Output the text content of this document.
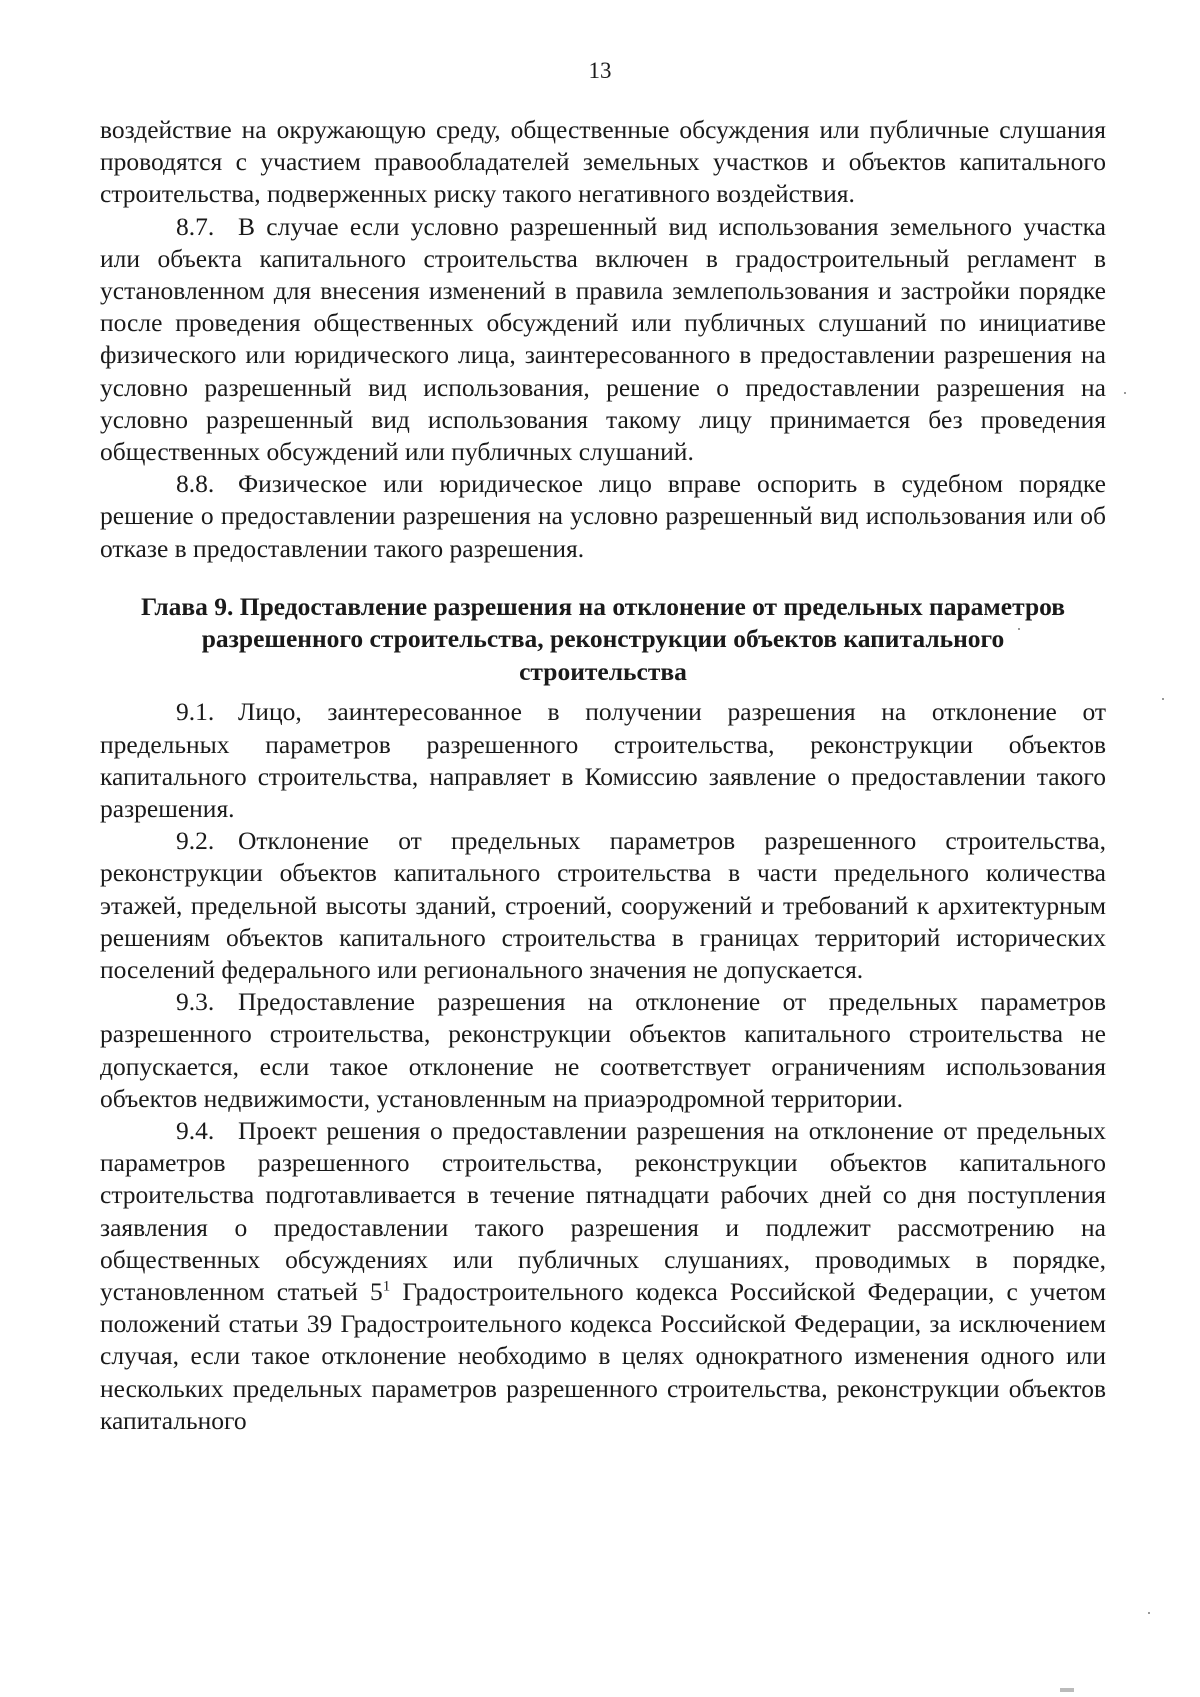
13

воздействие на окружающую среду, общественные обсуждения или публичные слушания проводятся с участием правообладателей земельных участков и объектов капитального строительства, подверженных риску такого негативного воздействия.

8.7. В случае если условно разрешенный вид использования земельного участка или объекта капитального строительства включен в градостроительный регламент в установленном для внесения изменений в правила землепользования и застройки порядке после проведения общественных обсуждений или публичных слушаний по инициативе физического или юридического лица, заинтересованного в предоставлении разрешения на условно разрешенный вид использования, решение о предоставлении разрешения на условно разрешенный вид использования такому лицу принимается без проведения общественных обсуждений или публичных слушаний.

8.8. Физическое или юридическое лицо вправе оспорить в судебном порядке решение о предоставлении разрешения на условно разрешенный вид использования или об отказе в предоставлении такого разрешения.

Глава 9. Предоставление разрешения на отклонение от предельных параметров разрешенного строительства, реконструкции объектов капитального строительства

9.1. Лицо, заинтересованное в получении разрешения на отклонение от предельных параметров разрешенного строительства, реконструкции объектов капитального строительства, направляет в Комиссию заявление о предоставлении такого разрешения.

9.2. Отклонение от предельных параметров разрешенного строительства, реконструкции объектов капитального строительства в части предельного количества этажей, предельной высоты зданий, строений, сооружений и требований к архитектурным решениям объектов капитального строительства в границах территорий исторических поселений федерального или регионального значения не допускается.

9.3. Предоставление разрешения на отклонение от предельных параметров разрешенного строительства, реконструкции объектов капитального строительства не допускается, если такое отклонение не соответствует ограничениям использования объектов недвижимости, установленным на приаэродромной территории.

9.4. Проект решения о предоставлении разрешения на отклонение от предельных параметров разрешенного строительства, реконструкции объектов капитального строительства подготавливается в течение пятнадцати рабочих дней со дня поступления заявления о предоставлении такого разрешения и подлежит рассмотрению на общественных обсуждениях или публичных слушаниях, проводимых в порядке, установленном статьей $5^1$ Градостроительного кодекса Российской Федерации, с учетом положений статьи 39 Градостроительного кодекса Российской Федерации, за исключением случая, если такое отклонение необходимо в целях однократного изменения одного или нескольких предельных параметров разрешенного строительства, реконструкции объектов капитального
